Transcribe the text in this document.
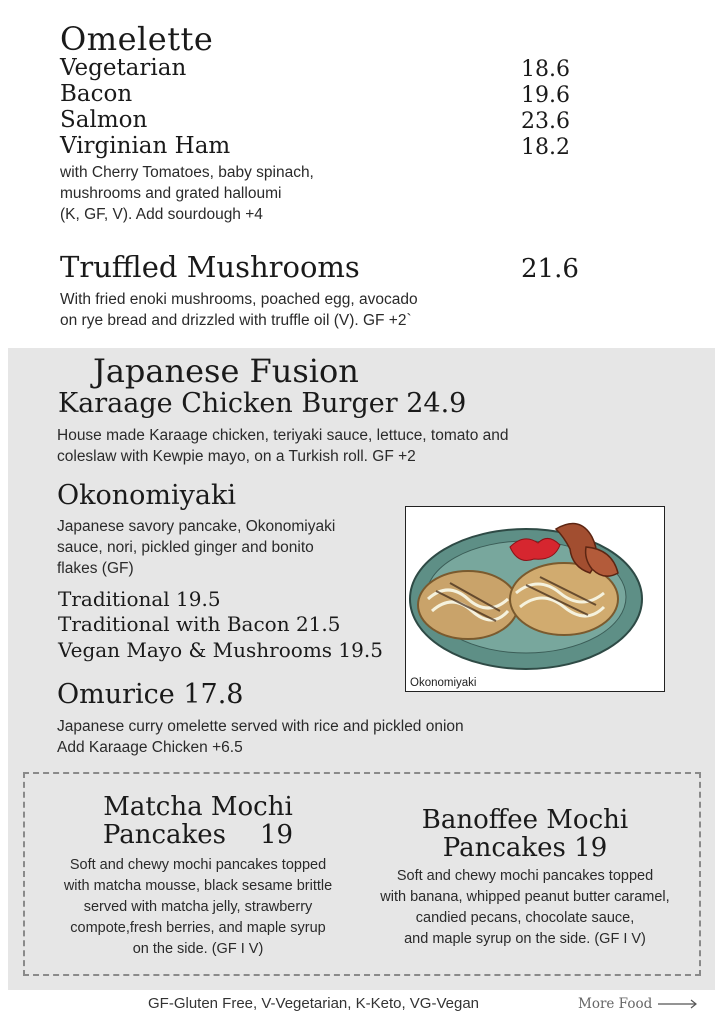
Omelette
Vegetarian	18.6
Bacon	19.6
Salmon	23.6
Virginian Ham	18.2
with Cherry Tomatoes, baby spinach,
mushrooms and grated halloumi
(K, GF, V). Add sourdough +4
Truffled Mushrooms	21.6
With fried enoki mushrooms, poached egg, avocado
on rye bread and drizzled with truffle oil (V). GF +2`
Japanese Fusion
Karaage Chicken Burger 24.9
House made Karaage chicken, teriyaki sauce, lettuce, tomato and
coleslaw with Kewpie mayo, on a Turkish roll. GF +2
Okonomiyaki
Japanese savory pancake, Okonomiyaki
sauce, nori, pickled ginger and bonito
flakes (GF)
Traditional 19.5
Traditional with Bacon 21.5
Vegan Mayo & Mushrooms 19.5
Okonomiyaki
Omurice 17.8
Japanese curry omelette served with rice and pickled onion
Add Karaage Chicken +6.5
Matcha Mochi
Pancakes 19
Soft and chewy mochi pancakes topped
with matcha mousse, black sesame brittle
served with matcha jelly, strawberry
compote,fresh berries, and maple syrup
on the side. (GF I V)
Banoffee Mochi
Pancakes 19
Soft and chewy mochi pancakes topped
with banana, whipped peanut butter caramel,
candied pecans, chocolate sauce,
and maple syrup on the side. (GF I V)
GF-Gluten Free, V-Vegetarian, K-Keto, VG-Vegan	More Food
